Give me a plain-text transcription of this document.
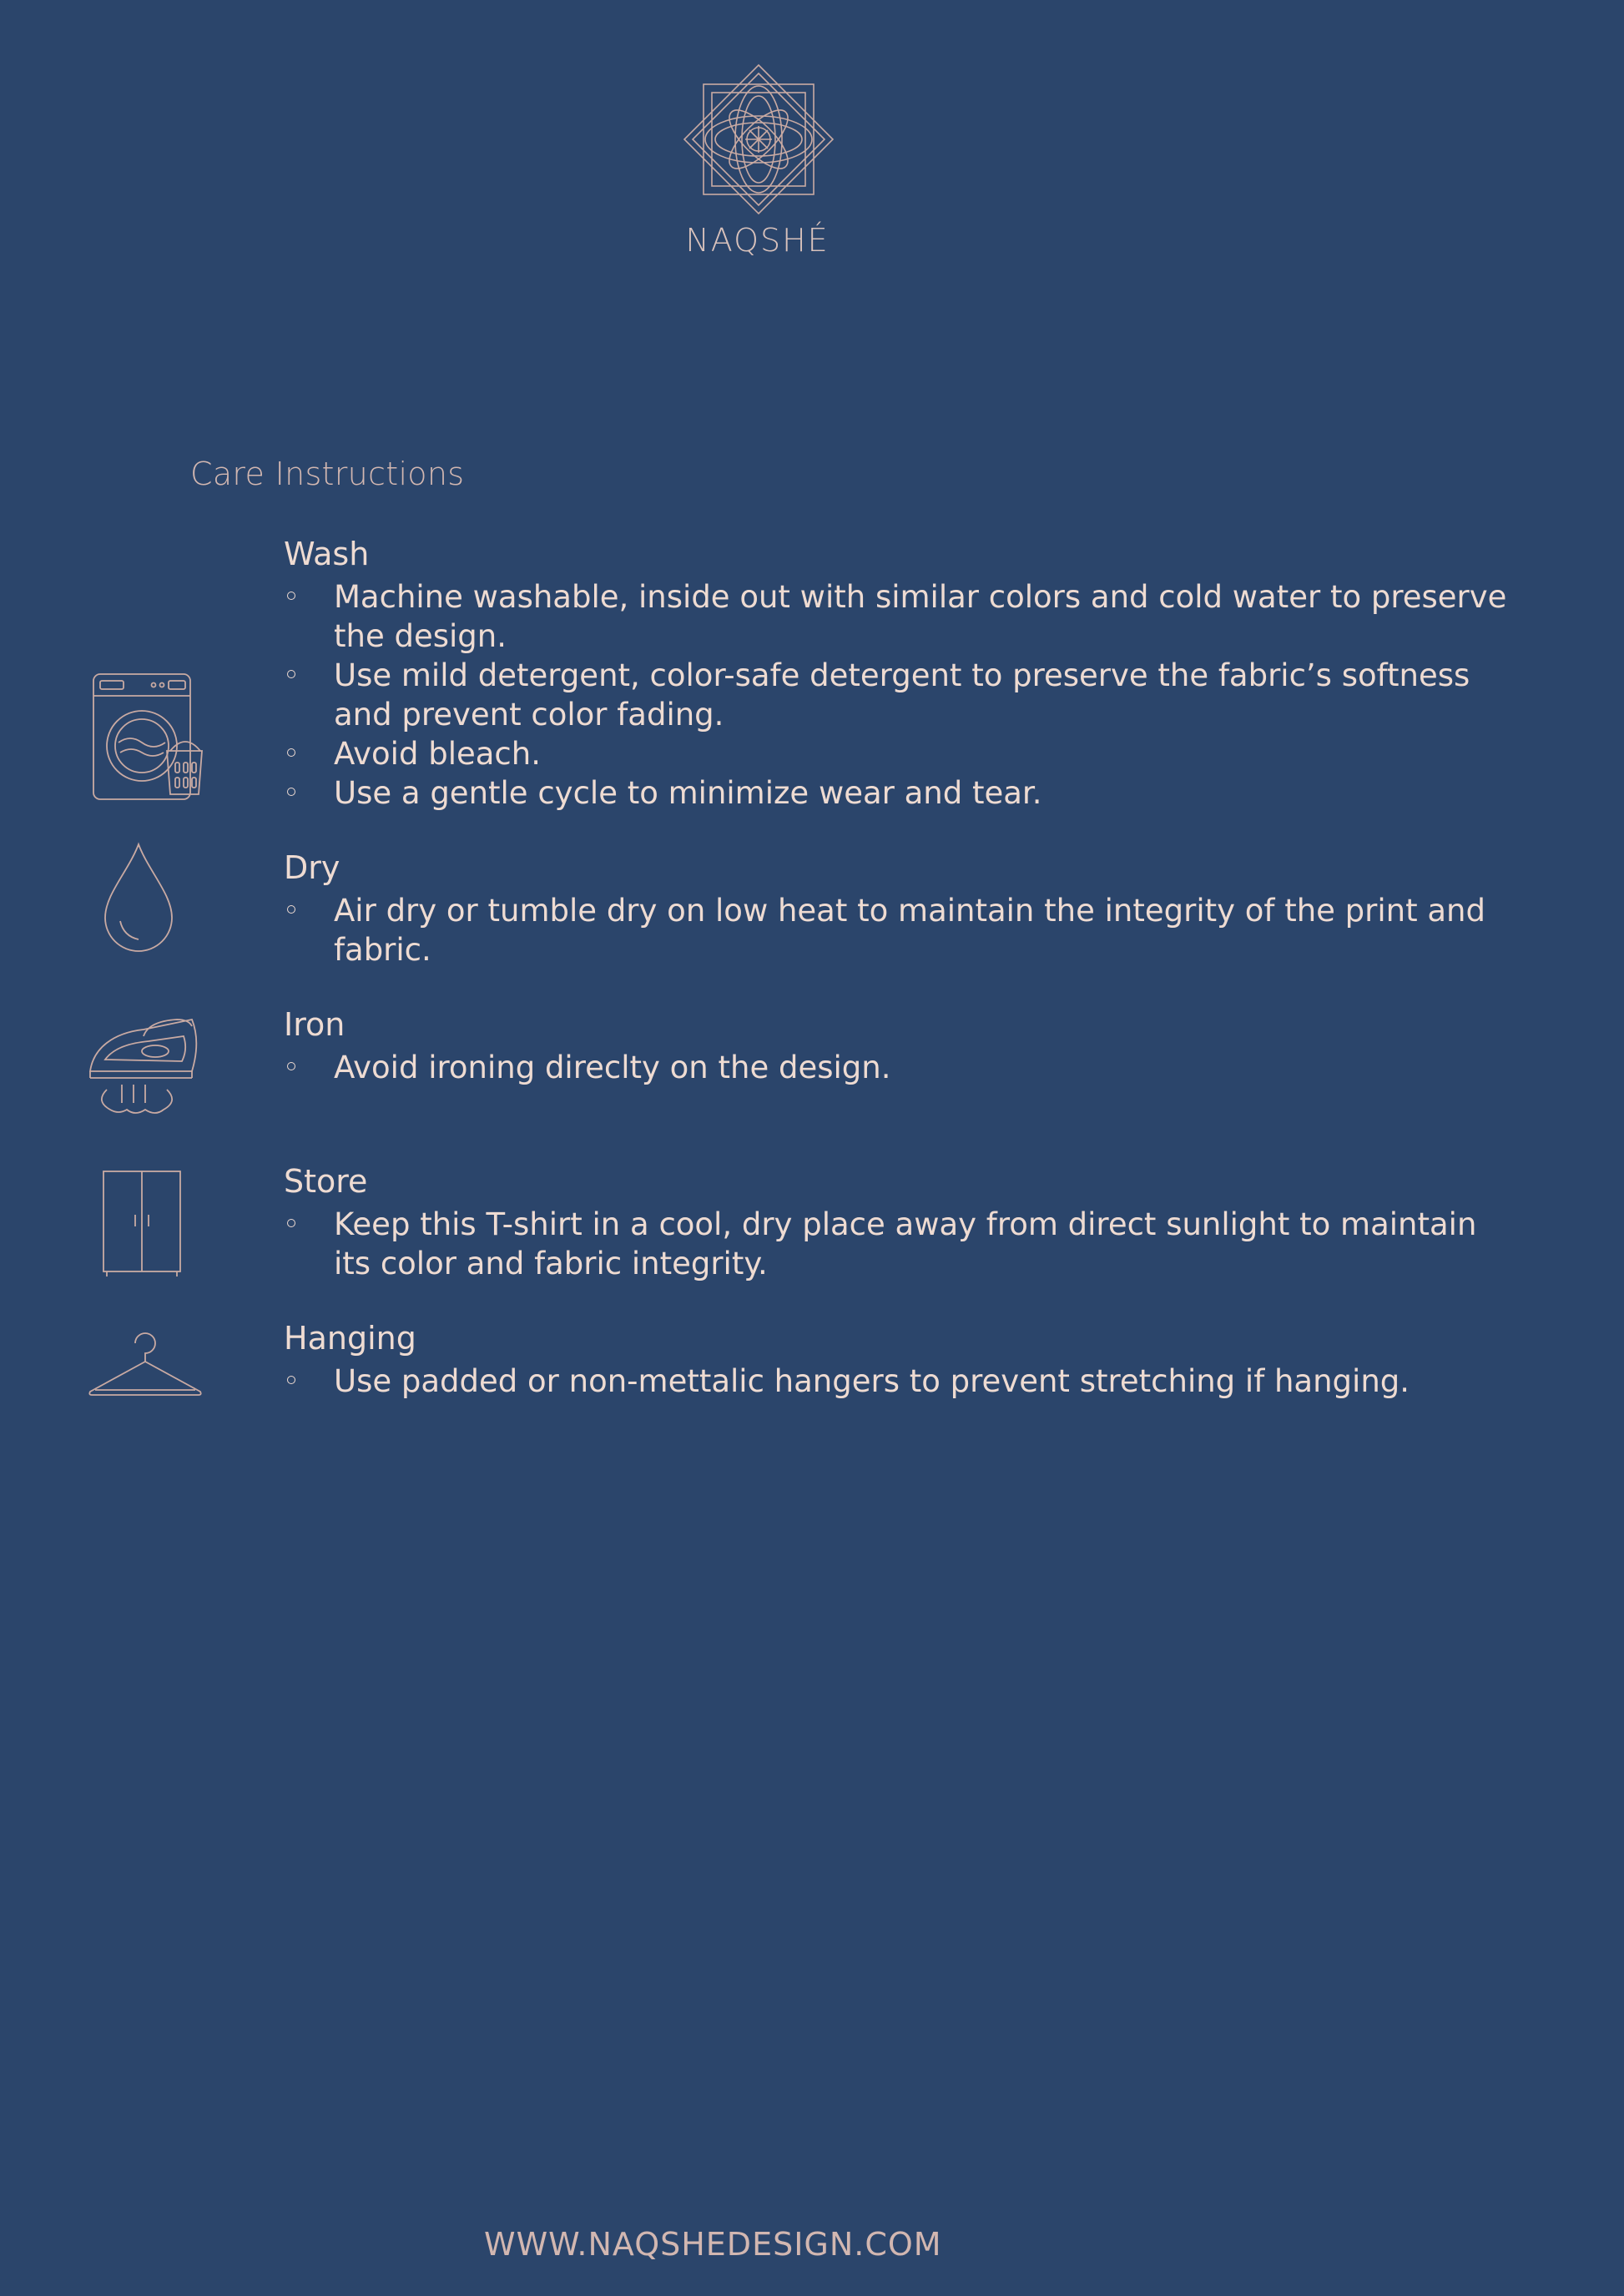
NAQSHÉ
Care Instructions
Wash
Machine washable, inside out with similar colors and cold water to preserve the design.
Use mild detergent, color-safe detergent to preserve the fabric’s softness and prevent color fading.
Avoid bleach.
Use a gentle cycle to minimize wear and tear.
Dry
Air dry or tumble dry on low heat to maintain the integrity of the print and fabric.
Iron
Avoid ironing direclty on the design.
Store
Keep this T-shirt in a cool, dry place away from direct sunlight to maintain its color and fabric integrity.
Hanging
Use padded or non-mettalic hangers to prevent stretching if hanging.
WWW.NAQSHEDESIGN.COM
